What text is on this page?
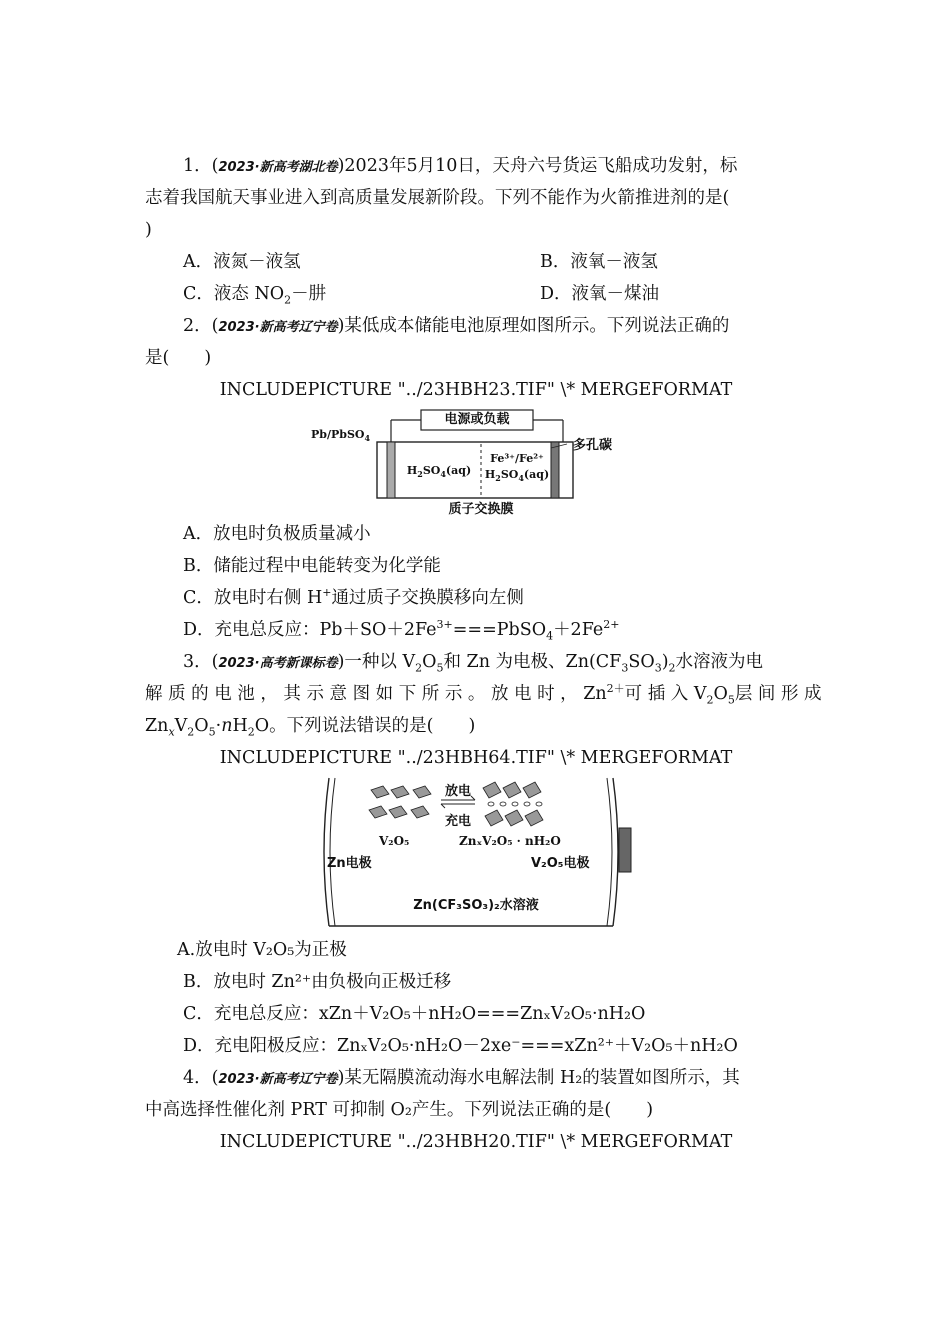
1．(2023·新高考湖北卷)2023年5月10日，天舟六号货运飞船成功发射，标
志着我国航天事业进入到高质量发展新阶段。下列不能作为火箭推进剂的是(
)
A．液氮－液氢	B．液氧－液氢
C．液态 $NO_2-$肼	D．液氧－煤油
2．(2023·新高考辽宁卷)某低成本储能电池原理如图所示。下列说法正确的
是(　　)
INCLUDEPICTURE "../23HBH23.TIF" \* MERGEFORMAT
电源或负载
Pb/PbSO$_4$	多孔碳
$H_2SO_4(aq)$
Fe³⁺/Fe²⁺
$H_2SO_4(aq)$
质子交换膜
A．放电时负极质量减小
B．储能过程中电能转变为化学能
C．放电时右侧 H+通过质子交换膜移向左侧
D．充电总反应：$Pb+SO+2Fe^{3+}===PbSO_4+2Fe^{2+}$
3．(2023·高考新课标卷)一种以 $V_2O_5$和 Zn 为电极、$Zn(CF_3SO_3)_2$水溶液为电
解 质 的 电 池 ， 其 示 意 图 如 下 所 示 。 放 电 时 ， $Zn^{2+}$可 插 入 $V_2O_5$层 间 形 成
$Zn_xV_2O_5\cdot nH_2O$。下列说法错误的是(　　)
INCLUDEPICTURE "../23HBH64.TIF" \* MERGEFORMAT
放电
充电
V₂O₅	ZnₓV₂O₅ · nH₂O
Zn电极	V₂O₅电极
Zn(CF₃SO₃)₂水溶液
A.放电时 V₂O₅为正极
B．放电时 Zn²⁺由负极向正极迁移
C．充电总反应：xZn＋V₂O₅＋nH₂O===ZnₓV₂O₅·nH₂O
D．充电阳极反应：ZnₓV₂O₅·nH₂O－2xe⁻===xZn²⁺＋V₂O₅＋nH₂O
4．(2023·新高考辽宁卷)某无隔膜流动海水电解法制 H₂的装置如图所示，其
中高选择性催化剂 PRT 可抑制 O₂产生。下列说法正确的是(　　)
INCLUDEPICTURE "../23HBH20.TIF" \* MERGEFORMAT
